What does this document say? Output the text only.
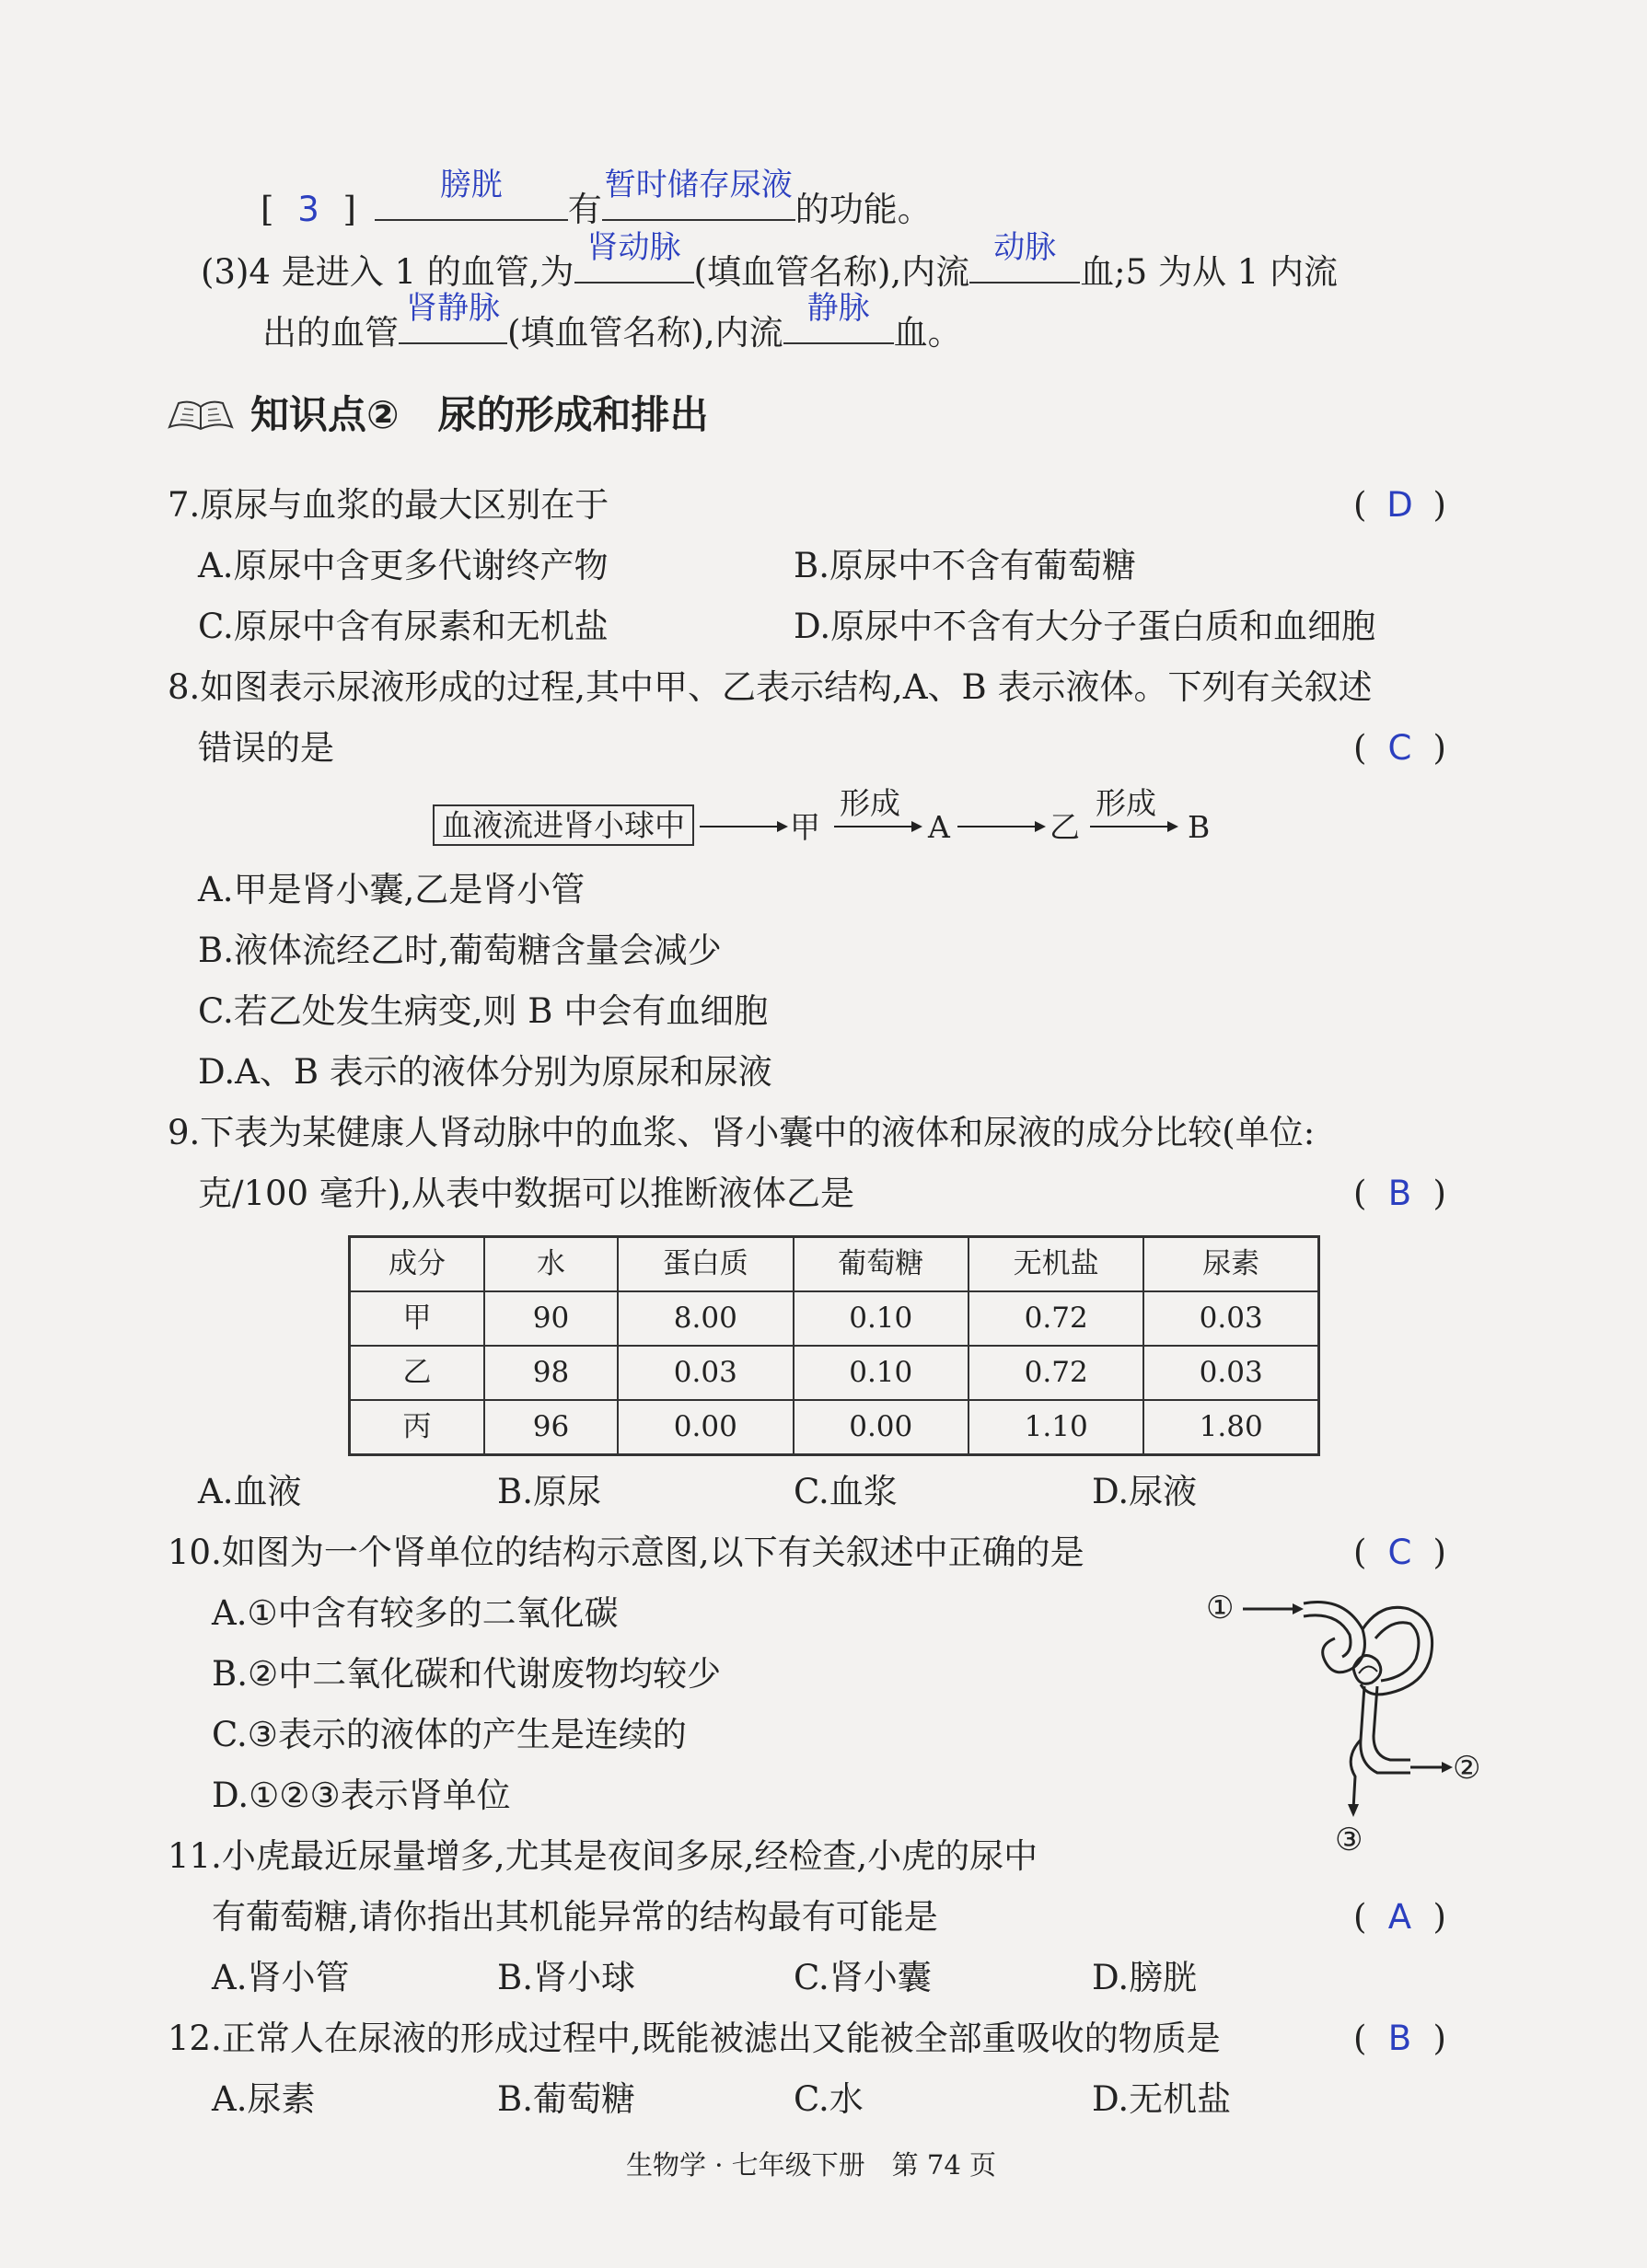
[ 3 ]
膀胱
有
暂时储存尿液
的功能。
(3)4 是进入 1 的血管,为
肾动脉
(填血管名称),内流
动脉
血;5 为从 1 内流
出的血管
肾静脉
(填血管名称),内流
静脉
血。
知识点②　尿的形成和排出
7.原尿与血浆的最大区别在于	( D )
A.原尿中含更多代谢终产物	B.原尿中不含有葡萄糖
C.原尿中含有尿素和无机盐	D.原尿中不含有大分子蛋白质和血细胞
8.如图表示尿液形成的过程,其中甲、乙表示结构,A、B 表示液体。下列有关叙述
错误的是	( C )
血液流进肾小球中	甲
形成
A	乙
形成
B
A.甲是肾小囊,乙是肾小管
B.液体流经乙时,葡萄糖含量会减少
C.若乙处发生病变,则 B 中会有血细胞
D.A、B 表示的液体分别为原尿和尿液
9.下表为某健康人肾动脉中的血浆、肾小囊中的液体和尿液的成分比较(单位:
克/100 毫升),从表中数据可以推断液体乙是	( B )
成分	水	蛋白质	葡萄糖	无机盐	尿素
甲	90	8.00	0.10	0.72	0.03
乙	98	0.03	0.10	0.72	0.03
丙	96	0.00	0.00	1.10	1.80
A.血液	B.原尿	C.血浆	D.尿液
10.如图为一个肾单位的结构示意图,以下有关叙述中正确的是	( C )
A.①中含有较多的二氧化碳
B.②中二氧化碳和代谢废物均较少
C.③表示的液体的产生是连续的
D.①②③表示肾单位
①
②
③
11.小虎最近尿量增多,尤其是夜间多尿,经检查,小虎的尿中
有葡萄糖,请你指出其机能异常的结构最有可能是	( A )
A.肾小管	B.肾小球	C.肾小囊	D.膀胱
12.正常人在尿液的形成过程中,既能被滤出又能被全部重吸收的物质是	( B )
A.尿素	B.葡萄糖	C.水	D.无机盐
生物学 · 七年级下册　第 74 页
